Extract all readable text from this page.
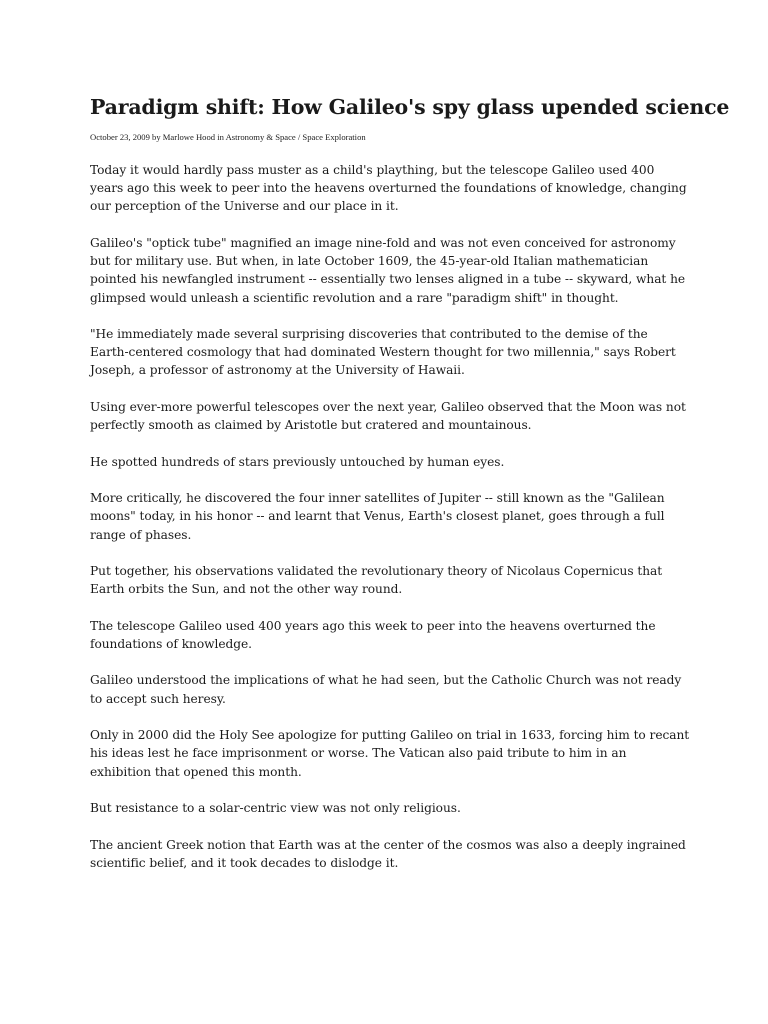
Paradigm shift: How Galileo's spy glass upended science
October 23, 2009 by Marlowe Hood in Astronomy & Space / Space Exploration

Today it would hardly pass muster as a child's plaything, but the telescope Galileo used 400 years ago this week to peer into the heavens overturned the foundations of knowledge, changing our perception of the Universe and our place in it.

Galileo's "optick tube" magnified an image nine-fold and was not even conceived for astronomy but for military use. But when, in late October 1609, the 45-year-old Italian mathematician pointed his newfangled instrument -- essentially two lenses aligned in a tube -- skyward, what he glimpsed would unleash a scientific revolution and a rare "paradigm shift" in thought.

"He immediately made several surprising discoveries that contributed to the demise of the Earth-centered cosmology that had dominated Western thought for two millennia," says Robert Joseph, a professor of astronomy at the University of Hawaii.

Using ever-more powerful telescopes over the next year, Galileo observed that the Moon was not perfectly smooth as claimed by Aristotle but cratered and mountainous.

He spotted hundreds of stars previously untouched by human eyes.

More critically, he discovered the four inner satellites of Jupiter -- still known as the "Galilean moons" today, in his honor -- and learnt that Venus, Earth's closest planet, goes through a full range of phases.

Put together, his observations validated the revolutionary theory of Nicolaus Copernicus that Earth orbits the Sun, and not the other way round.

The telescope Galileo used 400 years ago this week to peer into the heavens overturned the foundations of knowledge.

Galileo understood the implications of what he had seen, but the Catholic Church was not ready to accept such heresy.

Only in 2000 did the Holy See apologize for putting Galileo on trial in 1633, forcing him to recant his ideas lest he face imprisonment or worse. The Vatican also paid tribute to him in an exhibition that opened this month.

But resistance to a solar-centric view was not only religious.

The ancient Greek notion that Earth was at the center of the cosmos was also a deeply ingrained scientific belief, and it took decades to dislodge it.
